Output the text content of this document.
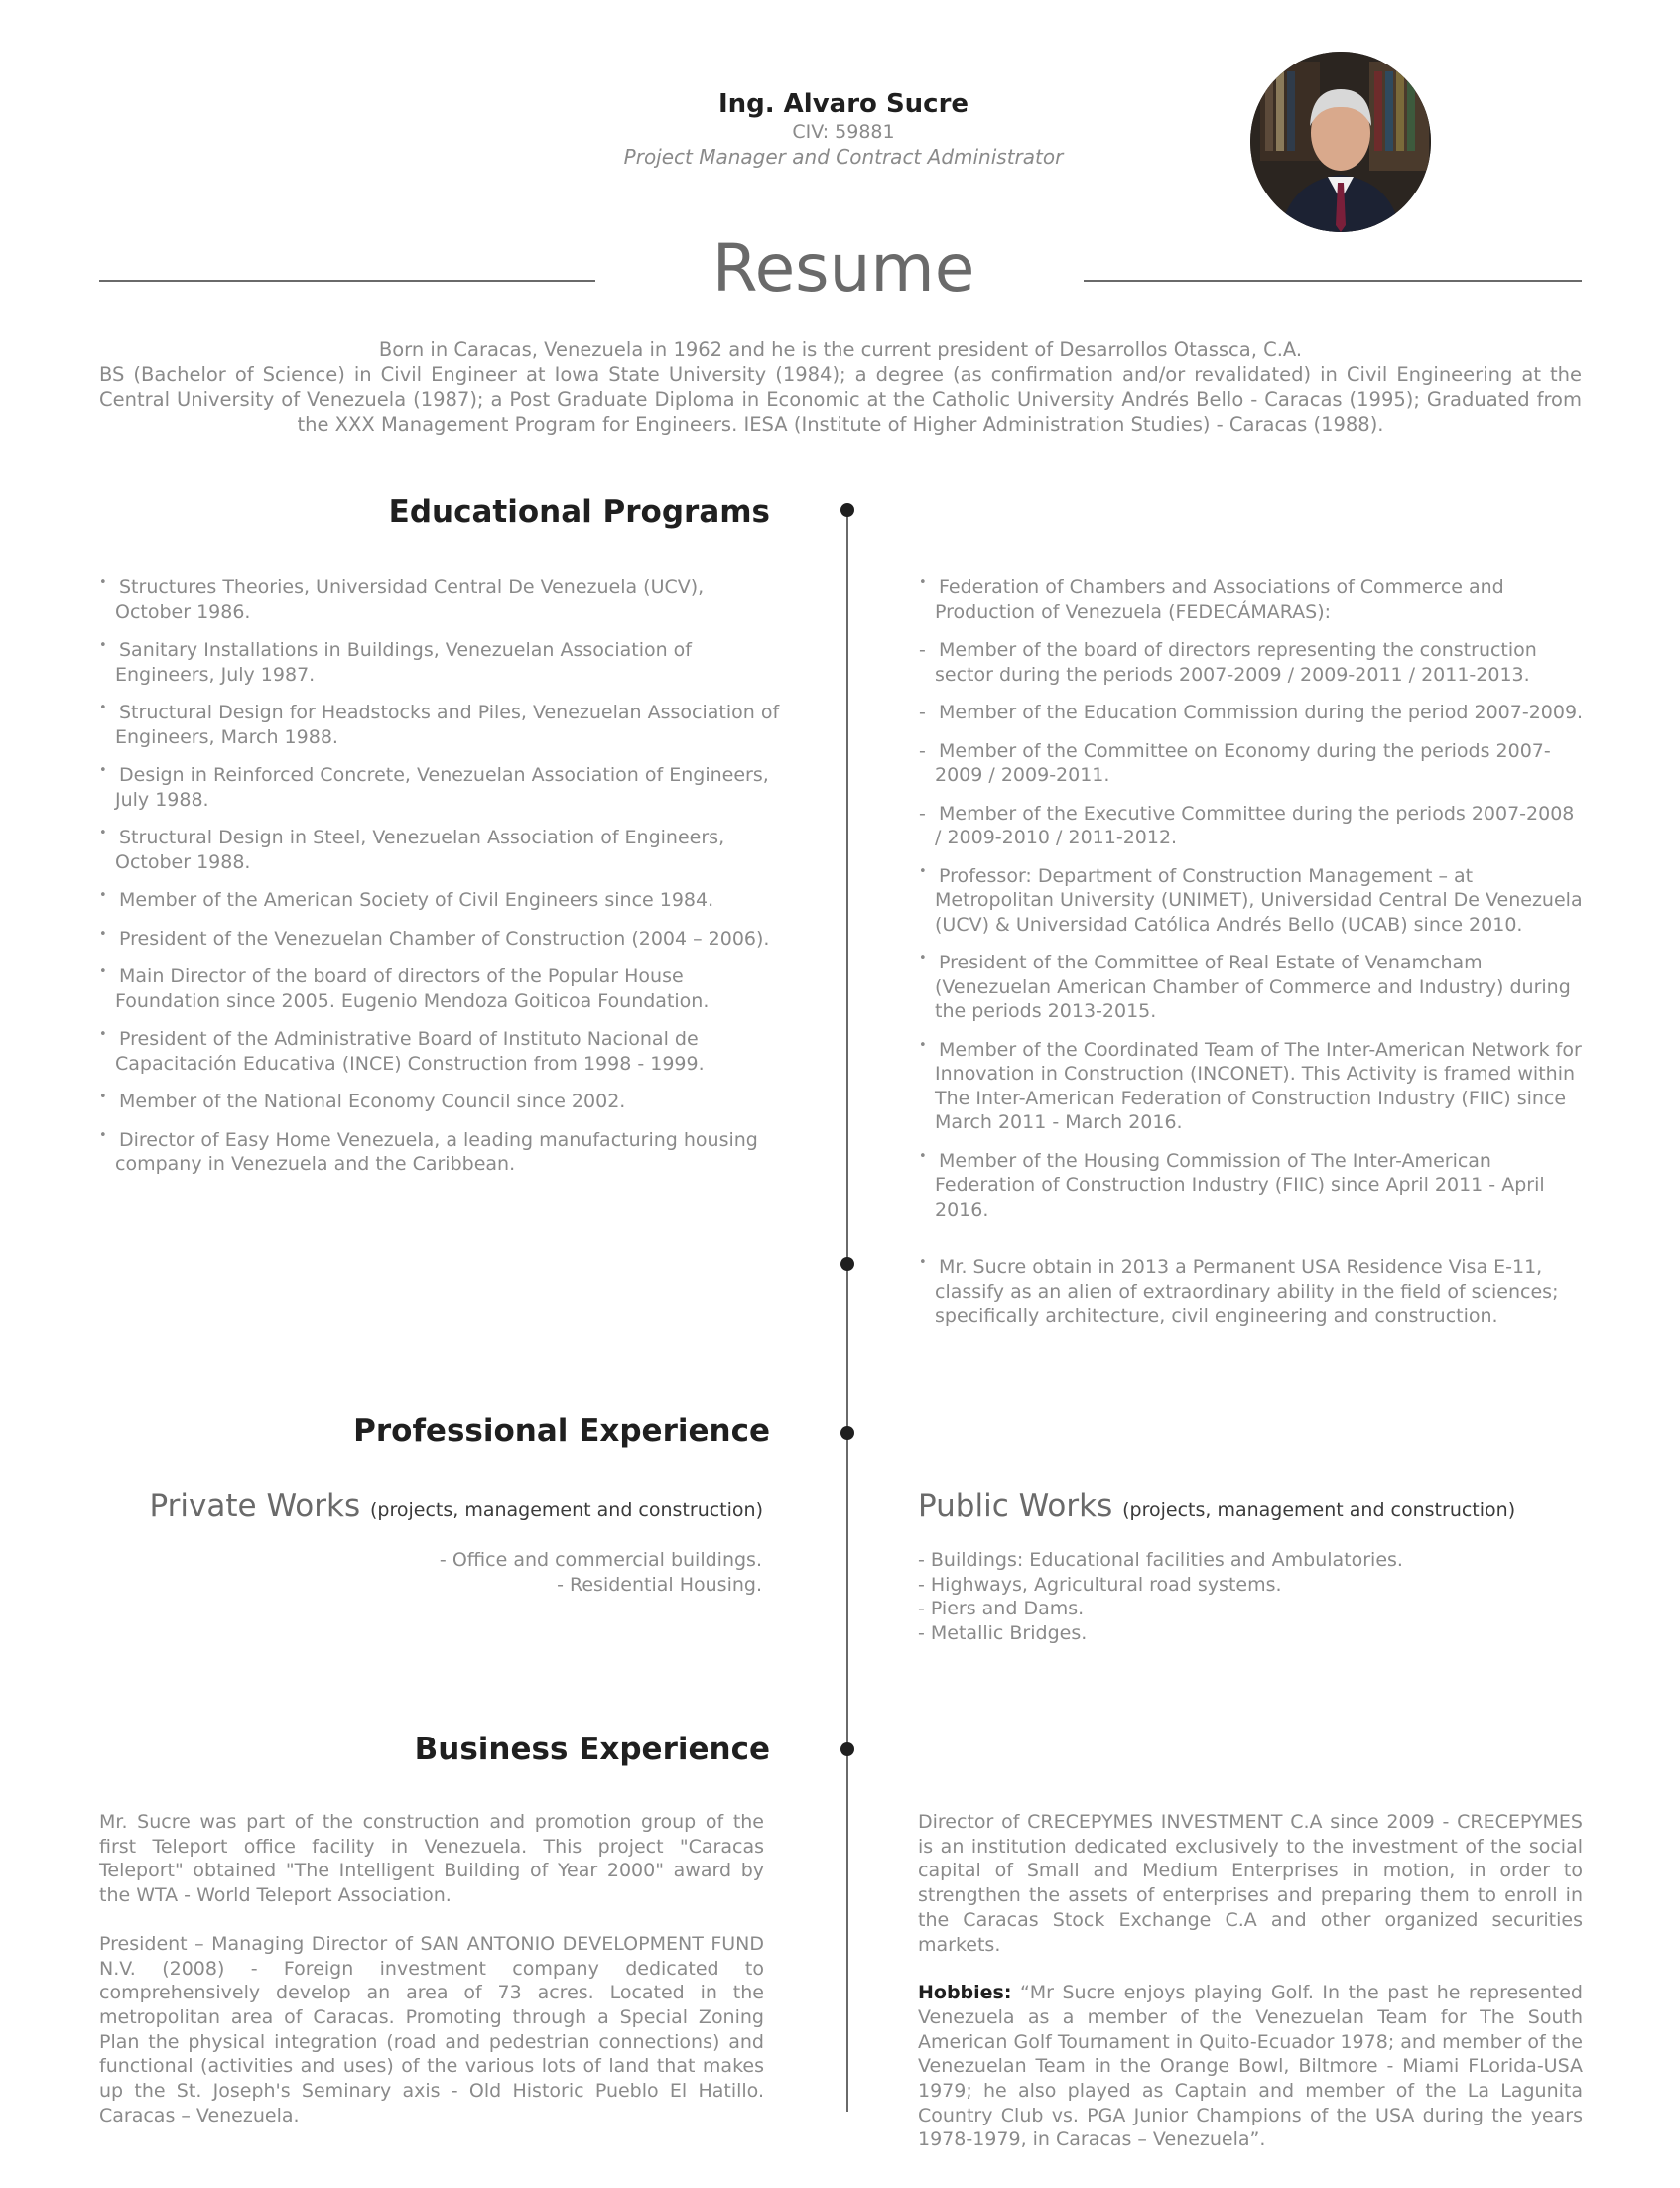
Ing. Alvaro Sucre
CIV: 59881
Project Manager and Contract Administrator
Resume

Born in Caracas, Venezuela in 1962 and he is the current president of Desarrollos Otassca, C.A.

BS (Bachelor of Science) in Civil Engineer at Iowa State University (1984); a degree (as confirmation and/or revalidated) in Civil Engineering at the Central University of Venezuela (1987); a Post Graduate Diploma in Economic at the Catholic University Andrés Bello - Caracas (1995); Graduated from the XXX Management Program for Engineers. IESA (Institute of Higher Administration Studies) - Caracas (1988).

Educational Programs
• Structures Theories, Universidad Central De Venezuela (UCV), October 1986.
• Sanitary Installations in Buildings, Venezuelan Association of Engineers, July 1987.
• Structural Design for Headstocks and Piles, Venezuelan Association of Engineers, March 1988.
• Design in Reinforced Concrete, Venezuelan Association of Engineers, July 1988.
• Structural Design in Steel, Venezuelan Association of Engineers, October 1988.
• Member of the American Society of Civil Engineers since 1984.
• President of the Venezuelan Chamber of Construction (2004 – 2006).
• Main Director of the board of directors of the Popular House Foundation since 2005. Eugenio Mendoza Goiticoa Foundation.
• President of the Administrative Board of Instituto Nacional de Capacitación Educativa (INCE) Construction from 1998 - 1999.
• Member of the National Economy Council since 2002.
• Director of Easy Home Venezuela, a leading manufacturing housing company in Venezuela and the Caribbean.
• Federation of Chambers and Associations of Commerce and Production of Venezuela (FEDECÁMARAS):
- Member of the board of directors representing the construction sector during the periods 2007-2009 / 2009-2011 / 2011-2013.
- Member of the Education Commission during the period 2007-2009.
- Member of the Committee on Economy during the periods 2007-2009 / 2009-2011.
- Member of the Executive Committee during the periods 2007-2008 / 2009-2010 / 2011-2012.
• Professor: Department of Construction Management – at Metropolitan University (UNIMET), Universidad Central De Venezuela (UCV) & Universidad Católica Andrés Bello (UCAB) since 2010.
• President of the Committee of Real Estate of Venamcham (Venezuelan American Chamber of Commerce and Industry) during the periods 2013-2015.
• Member of the Coordinated Team of The Inter-American Network for Innovation in Construction (INCONET). This Activity is framed within The Inter-American Federation of Construction Industry (FIIC) since March 2011 - March 2016.
• Member of the Housing Commission of The Inter-American Federation of Construction Industry (FIIC) since April 2011 - April 2016.
• Mr. Sucre obtain in 2013 a Permanent USA Residence Visa E-11, classify as an alien of extraordinary ability in the field of sciences; specifically architecture, civil engineering and construction.
Professional Experience
Private Works (projects, management and construction)
- Office and commercial buildings.
- Residential Housing.
Public Works (projects, management and construction)
- Buildings: Educational facilities and Ambulatories.
- Highways, Agricultural road systems.
- Piers and Dams.
- Metallic Bridges.
Business Experience

Mr. Sucre was part of the construction and promotion group of the first Teleport office facility in Venezuela. This project "Caracas Teleport" obtained "The Intelligent Building of Year 2000" award by the WTA - World Teleport Association.

President – Managing Director of SAN ANTONIO DEVELOPMENT FUND N.V. (2008) - Foreign investment company dedicated to comprehensively develop an area of 73 acres. Located in the metropolitan area of Caracas. Promoting through a Special Zoning Plan the physical integration (road and pedestrian connections) and functional (activities and uses) of the various lots of land that makes up the St. Joseph's Seminary axis - Old Historic Pueblo El Hatillo. Caracas – Venezuela.

Director of CRECEPYMES INVESTMENT C.A since 2009 - CRECEPYMES is an institution dedicated exclusively to the investment of the social capital of Small and Medium Enterprises in motion, in order to strengthen the assets of enterprises and preparing them to enroll in the Caracas Stock Exchange C.A and other organized securities markets.

Hobbies: “Mr Sucre enjoys playing Golf. In the past he represented Venezuela as a member of the Venezuelan Team for The South American Golf Tournament in Quito-Ecuador 1978; and member of the Venezuelan Team in the Orange Bowl, Biltmore - Miami FLorida-USA 1979; he also played as Captain and member of the La Lagunita Country Club vs. PGA Junior Champions of the USA during the years 1978-1979, in Caracas – Venezuela”.
